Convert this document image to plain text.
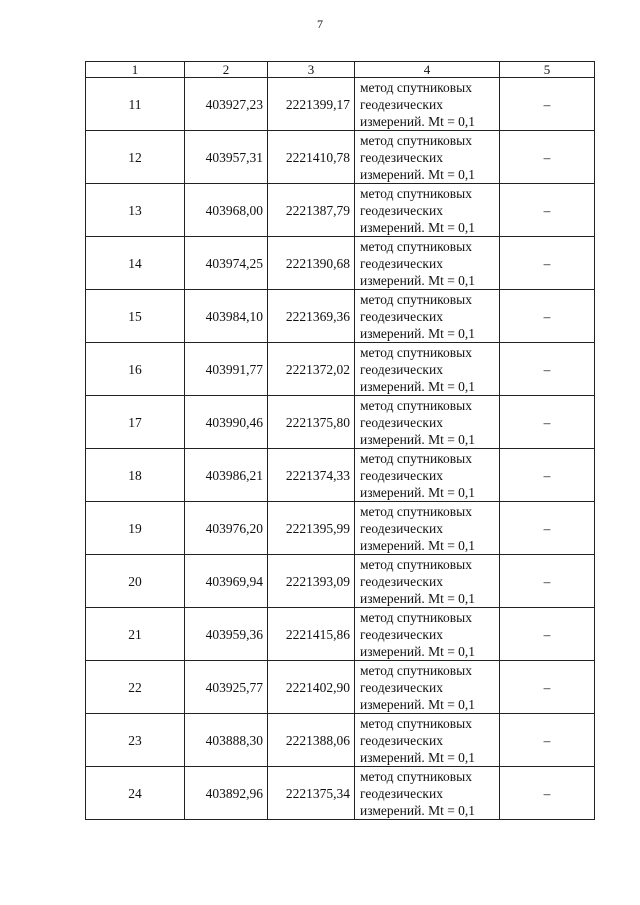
7
1	2	3	4	5
11	403927,23	2221399,17	метод спутниковых
геодезических
измерений. Mt = 0,1	–
12	403957,31	2221410,78	метод спутниковых
геодезических
измерений. Mt = 0,1	–
13	403968,00	2221387,79	метод спутниковых
геодезических
измерений. Mt = 0,1	–
14	403974,25	2221390,68	метод спутниковых
геодезических
измерений. Mt = 0,1	–
15	403984,10	2221369,36	метод спутниковых
геодезических
измерений. Mt = 0,1	–
16	403991,77	2221372,02	метод спутниковых
геодезических
измерений. Mt = 0,1	–
17	403990,46	2221375,80	метод спутниковых
геодезических
измерений. Mt = 0,1	–
18	403986,21	2221374,33	метод спутниковых
геодезических
измерений. Mt = 0,1	–
19	403976,20	2221395,99	метод спутниковых
геодезических
измерений. Mt = 0,1	–
20	403969,94	2221393,09	метод спутниковых
геодезических
измерений. Mt = 0,1	–
21	403959,36	2221415,86	метод спутниковых
геодезических
измерений. Mt = 0,1	–
22	403925,77	2221402,90	метод спутниковых
геодезических
измерений. Mt = 0,1	–
23	403888,30	2221388,06	метод спутниковых
геодезических
измерений. Mt = 0,1	–
24	403892,96	2221375,34	метод спутниковых
геодезических
измерений. Mt = 0,1	–
